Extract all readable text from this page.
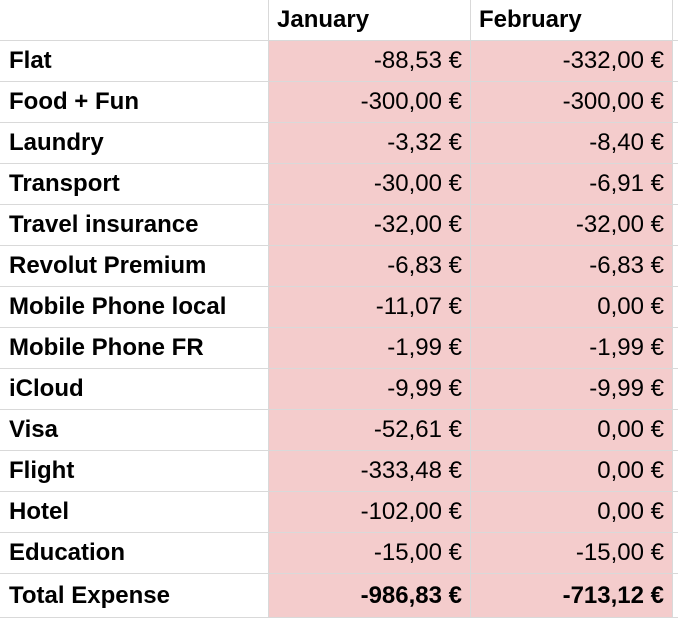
	January	February	
Flat	-88,53 €	-332,00 €	
Food + Fun	-300,00 €	-300,00 €	
Laundry	-3,32 €	-8,40 €	
Transport	-30,00 €	-6,91 €	
Travel insurance	-32,00 €	-32,00 €	
Revolut Premium	-6,83 €	-6,83 €	
Mobile Phone local	-11,07 €	0,00 €	
Mobile Phone FR	-1,99 €	-1,99 €	
iCloud	-9,99 €	-9,99 €	
Visa	-52,61 €	0,00 €	
Flight	-333,48 €	0,00 €	
Hotel	-102,00 €	0,00 €	
Education	-15,00 €	-15,00 €	
Total Expense	-986,83 €	-713,12 €	
